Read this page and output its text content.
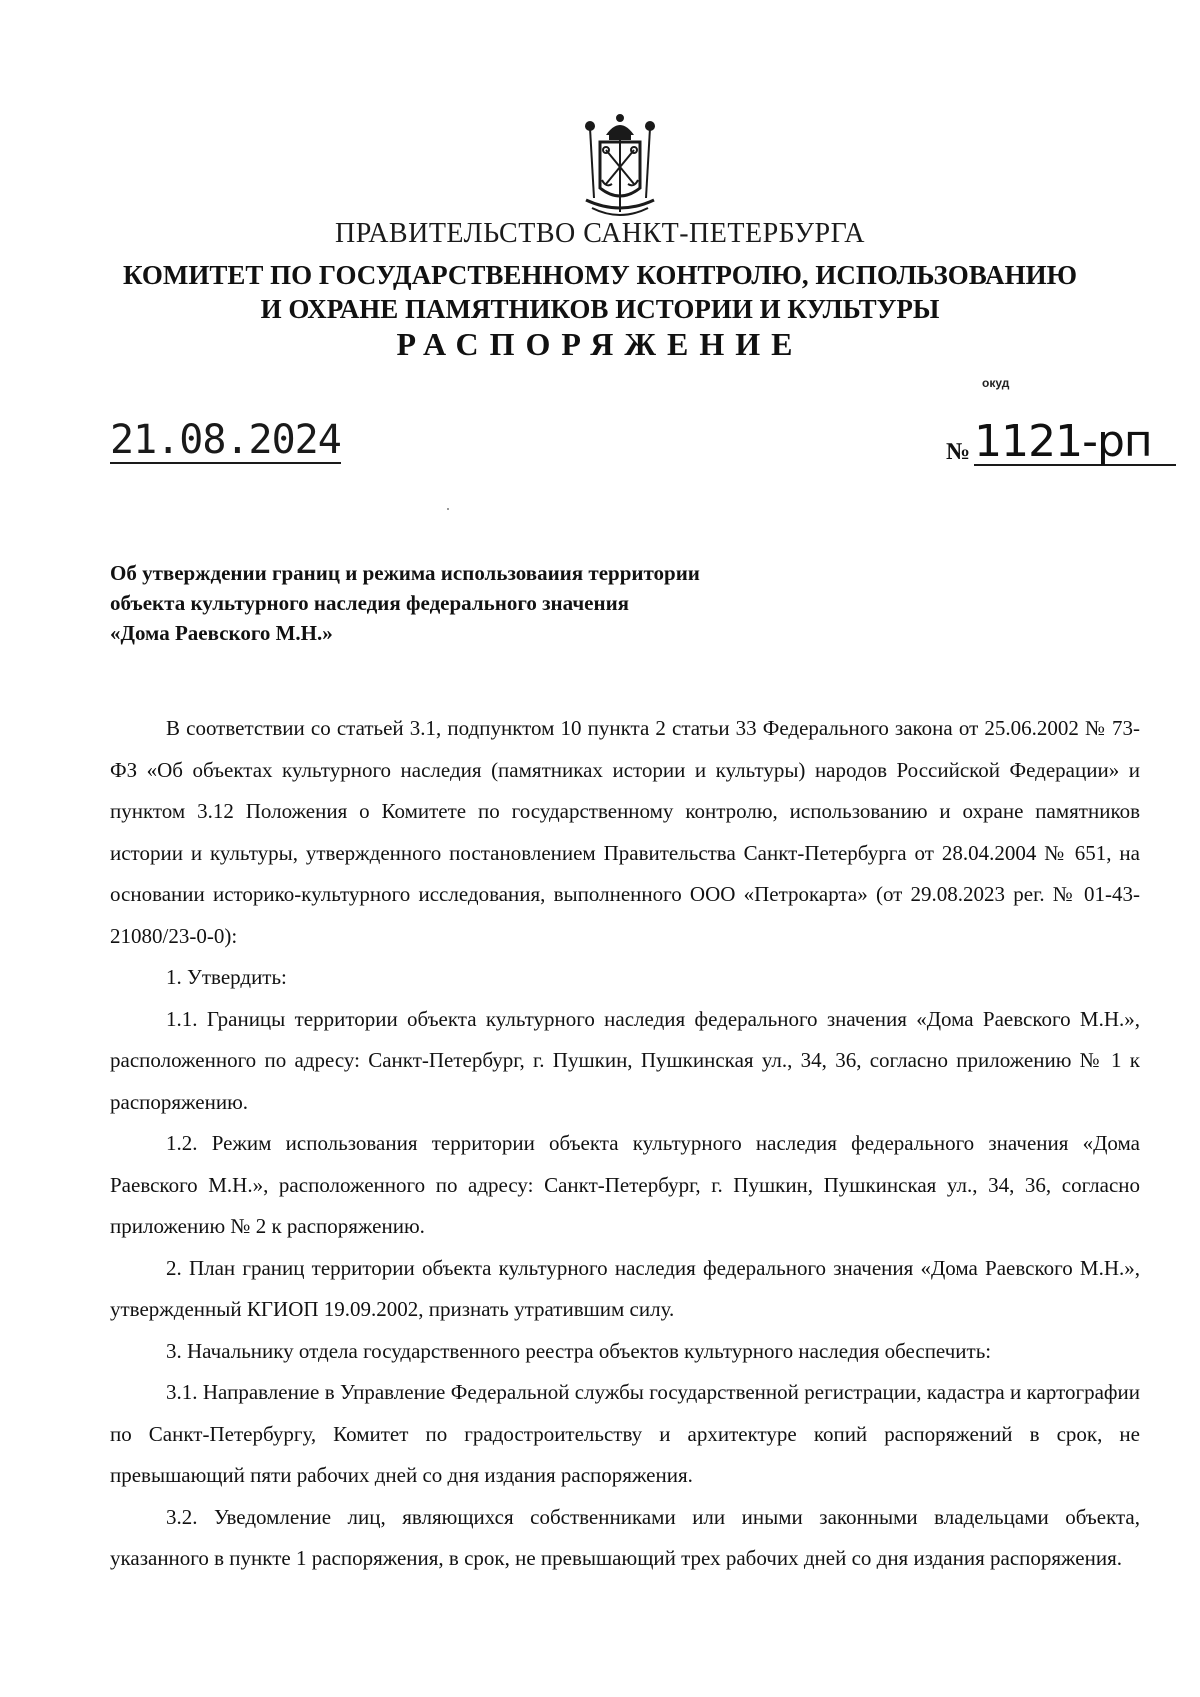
ПРАВИТЕЛЬСТВО САНКТ-ПЕТЕРБУРГА
КОМИТЕТ ПО ГОСУДАРСТВЕННОМУ КОНТРОЛЮ, ИСПОЛЬЗОВАНИЮ
И ОХРАНЕ ПАМЯТНИКОВ ИСТОРИИ И КУЛЬТУРЫ
РАСПОРЯЖЕНИЕ
окуд
21.08.2024	№1121-рп
Об утверждении границ и режима использоваиия территории
объекта культурного наследия федерального значения
«Дома Раевского М.Н.»

В соответствии со статьей 3.1, подпунктом 10 пункта 2 статьи 33 Федерального закона от 25.06.2002 № 73-ФЗ «Об объектах культурного наследия (памятниках истории и культуры) народов Российской Федерации» и пунктом 3.12 Положения о Комитете по государственному контролю, использованию и охране памятников истории и культуры, утвержденного постановлением Правительства Санкт-Петербурга от 28.04.2004 № 651, на основании историко-культурного исследования, выполненного ООО «Петрокарта» (от 29.08.2023 рег. № 01-43-21080/23-0-0):

1. Утвердить:

1.1. Границы территории объекта культурного наследия федерального значения «Дома Раевского М.Н.», расположенного по адресу: Санкт-Петербург, г. Пушкин, Пушкинская ул., 34, 36, согласно приложению № 1 к распоряжению.

1.2. Режим использования территории объекта культурного наследия федерального значения «Дома Раевского М.Н.», расположенного по адресу: Санкт-Петербург, г. Пушкин, Пушкинская ул., 34, 36, согласно приложению № 2 к распоряжению.

2. План границ территории объекта культурного наследия федерального значения «Дома Раевского М.Н.», утвержденный КГИОП 19.09.2002, признать утратившим силу.

3. Начальнику отдела государственного реестра объектов культурного наследия обеспечить:

3.1. Направление в Управление Федеральной службы государственной регистрации, кадастра и картографии по Санкт-Петербургу, Комитет по градостроительству и архитектуре копий распоряжений в срок, не превышающий пяти рабочих дней со дня издания распоряжения.

3.2. Уведомление лиц, являющихся собственниками или иными законными владельцами объекта, указанного в пункте 1 распоряжения, в срок, не превышающий трех рабочих дней со дня издания распоряжения.
